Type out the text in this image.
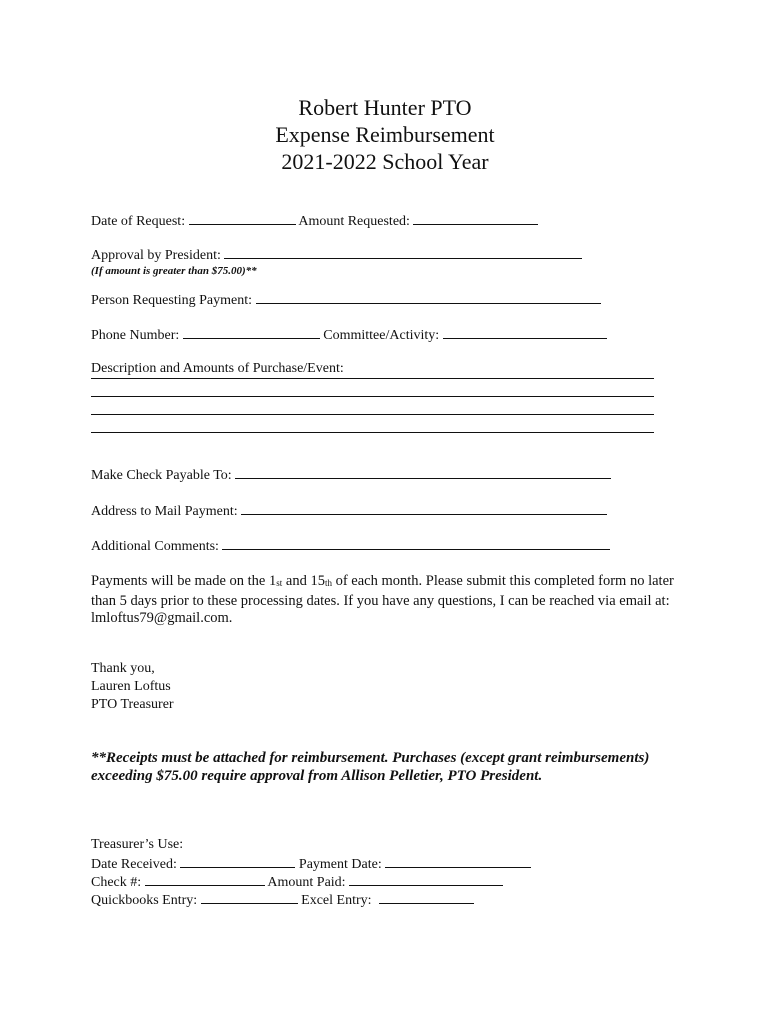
Robert Hunter PTO
Expense Reimbursement
2021-2022 School Year
Date of Request:	Amount Requested:
Approval by President:
(If amount is greater than $75.00)**
Person Requesting Payment:
Phone Number:	Committee/Activity:
Description and Amounts of Purchase/Event:
Make Check Payable To:
Address to Mail Payment:
Additional Comments:
Payments will be made on the $1_{st}$ and $15_{th}$ of each month. Please submit this completed form no later than 5 days prior to these processing dates. If you have any questions, I can be reached via email at: lmloftus79@gmail.com.
Thank you,
Lauren Loftus
PTO Treasurer
**Receipts must be attached for reimbursement. Purchases (except grant reimbursements) exceeding $75.00 require approval from Allison Pelletier, PTO President.
Treasurer’s Use:
Date Received:	Payment Date:
Check #:	Amount Paid:
Quickbooks Entry:	Excel Entry:
